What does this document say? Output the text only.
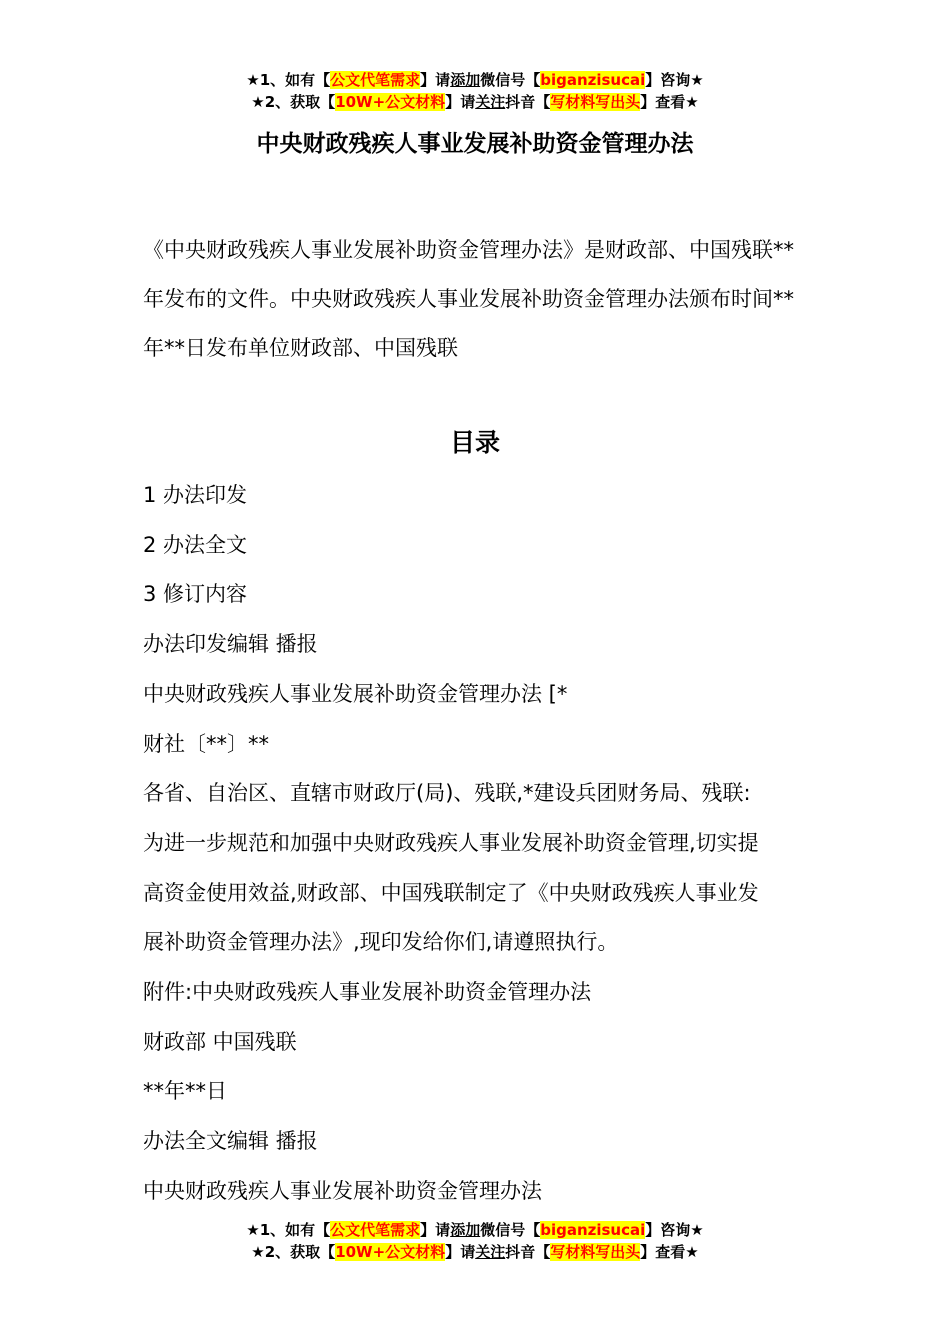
★1、如有【公文代笔需求】请添加微信号【biganzisucai】咨询★
★2、获取【10W+公文材料】请关注抖音【写材料写出头】查看★
中央财政残疾人事业发展补助资金管理办法
《中央财政残疾人事业发展补助资金管理办法》是财政部、中国残联**年发布的文件。中央财政残疾人事业发展补助资金管理办法颁布时间**年**日发布单位财政部、中国残联
目录

1 办法印发

2 办法全文

3 修订内容

办法印发编辑 播报

中央财政残疾人事业发展补助资金管理办法 [*

财社〔**〕**

各省、自治区、直辖市财政厅(局)、残联,*建设兵团财务局、残联:

为进一步规范和加强中央财政残疾人事业发展补助资金管理,切实提

高资金使用效益,财政部、中国残联制定了《中央财政残疾人事业发

展补助资金管理办法》,现印发给你们,请遵照执行。

附件:中央财政残疾人事业发展补助资金管理办法

财政部 中国残联

**年**日

办法全文编辑 播报

中央财政残疾人事业发展补助资金管理办法

★1、如有【公文代笔需求】请添加微信号【biganzisucai】咨询★
★2、获取【10W+公文材料】请关注抖音【写材料写出头】查看★
